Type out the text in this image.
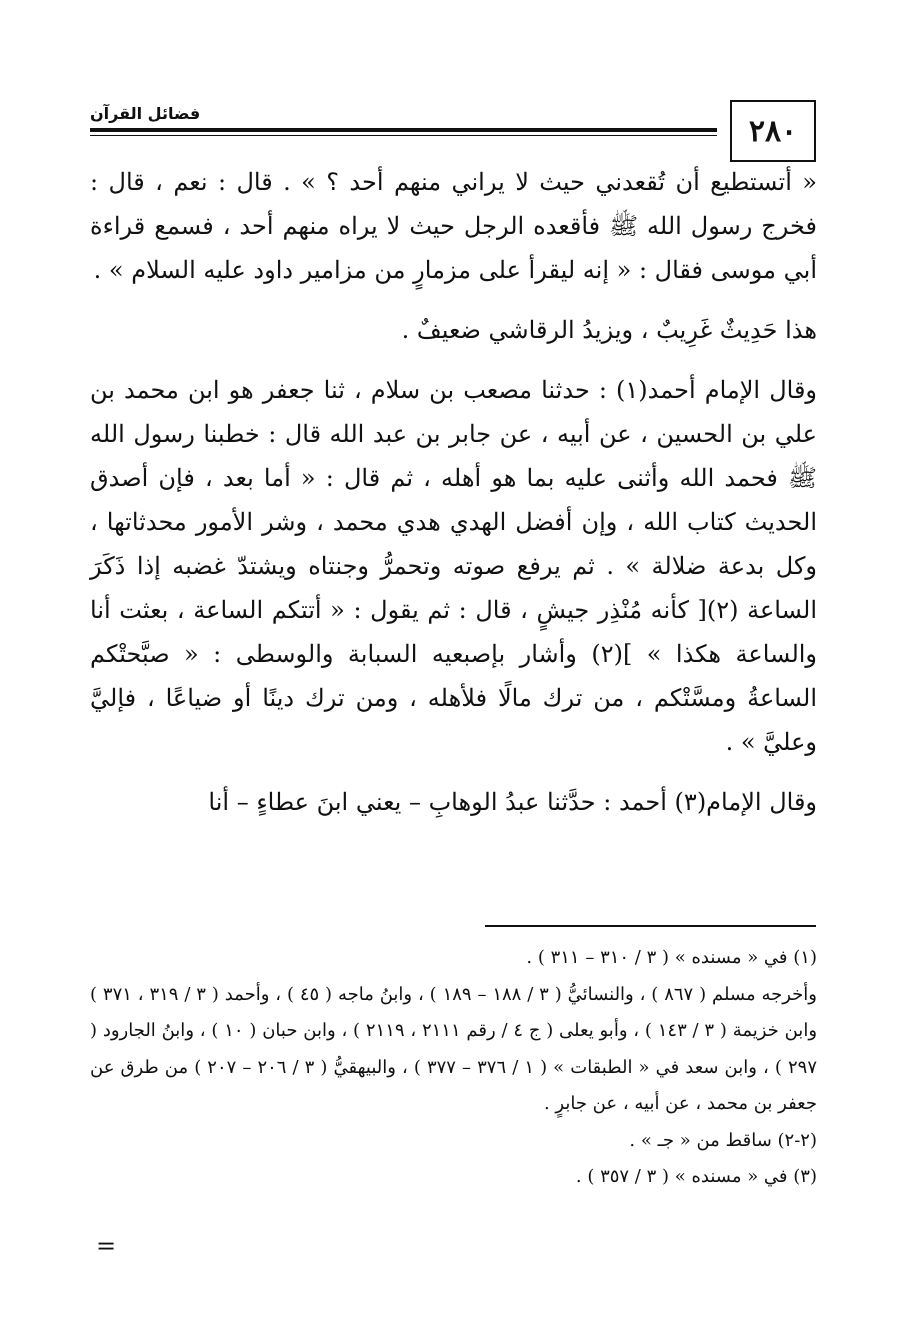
٢٨٠
فضائل القرآن

« أتستطيع أن تُقعدني حيث لا يراني منهم أحد ؟ » . قال : نعم ، قال : فخرج رسول الله ﷺ فأقعده الرجل حيث لا يراه منهم أحد ، فسمع قراءة أبي موسى فقال : « إنه ليقرأ على مزمارٍ من مزامير داود عليه السلام » .

هذا حَدِيثٌ غَرِيبٌ ، ويزيدُ الرقاشي ضعيفٌ .

وقال الإمام أحمد(١) : حدثنا مصعب بن سلام ، ثنا جعفر هو ابن محمد بن علي بن الحسين ، عن أبيه ، عن جابر بن عبد الله قال : خطبنا رسول الله ﷺ فحمد الله وأثنى عليه بما هو أهله ، ثم قال : « أما بعد ، فإن أصدق الحديث كتاب الله ، وإن أفضل الهدي هدي محمد ، وشر الأمور محدثاتها ، وكل بدعة ضلالة » . ثم يرفع صوته وتحمرُّ وجنتاه ويشتدّ غضبه إذا ذَكَرَ الساعة (٢)[ كأنه مُنْذِر جيشٍ ، قال : ثم يقول : « أتتكم الساعة ، بعثت أنا والساعة هكذا » ](٢) وأشار بإصبعيه السبابة والوسطى : « صبَّحتْكم الساعةُ ومسَّتْكم ، من ترك مالًا فلأهله ، ومن ترك دينًا أو ضياعًا ، فإليَّ وعليَّ » .

وقال الإمام(٣) أحمد : حدَّثنا عبدُ الوهابِ – يعني ابنَ عطاءٍ – أنا

(١) في « مسنده » ( ٣ / ٣١٠ – ٣١١ ) .

وأخرجه مسلم ( ٨٦٧ ) ، والنسائيُّ ( ٣ / ١٨٨ – ١٨٩ ) ، وابنُ ماجه ( ٤٥ ) ، وأحمد ( ٣ / ٣١٩ ، ٣٧١ ) وابن خزيمة ( ٣ / ١٤٣ ) ، وأبو يعلى ( ج ٤ / رقم ٢١١١ ، ٢١١٩ ) ، وابن حبان ( ١٠ ) ، وابنُ الجارود ( ٢٩٧ ) ، وابن سعد في « الطبقات » ( ١ / ٣٧٦ – ٣٧٧ ) ، والبيهقيُّ ( ٣ / ٢٠٦ – ٢٠٧ ) من طرق عن جعفر بن محمد ، عن أبيه ، عن جابرٍ .

(٢-٢) ساقط من « جـ » .

(٣) في « مسنده » ( ٣ / ٣٥٧ ) .

=
